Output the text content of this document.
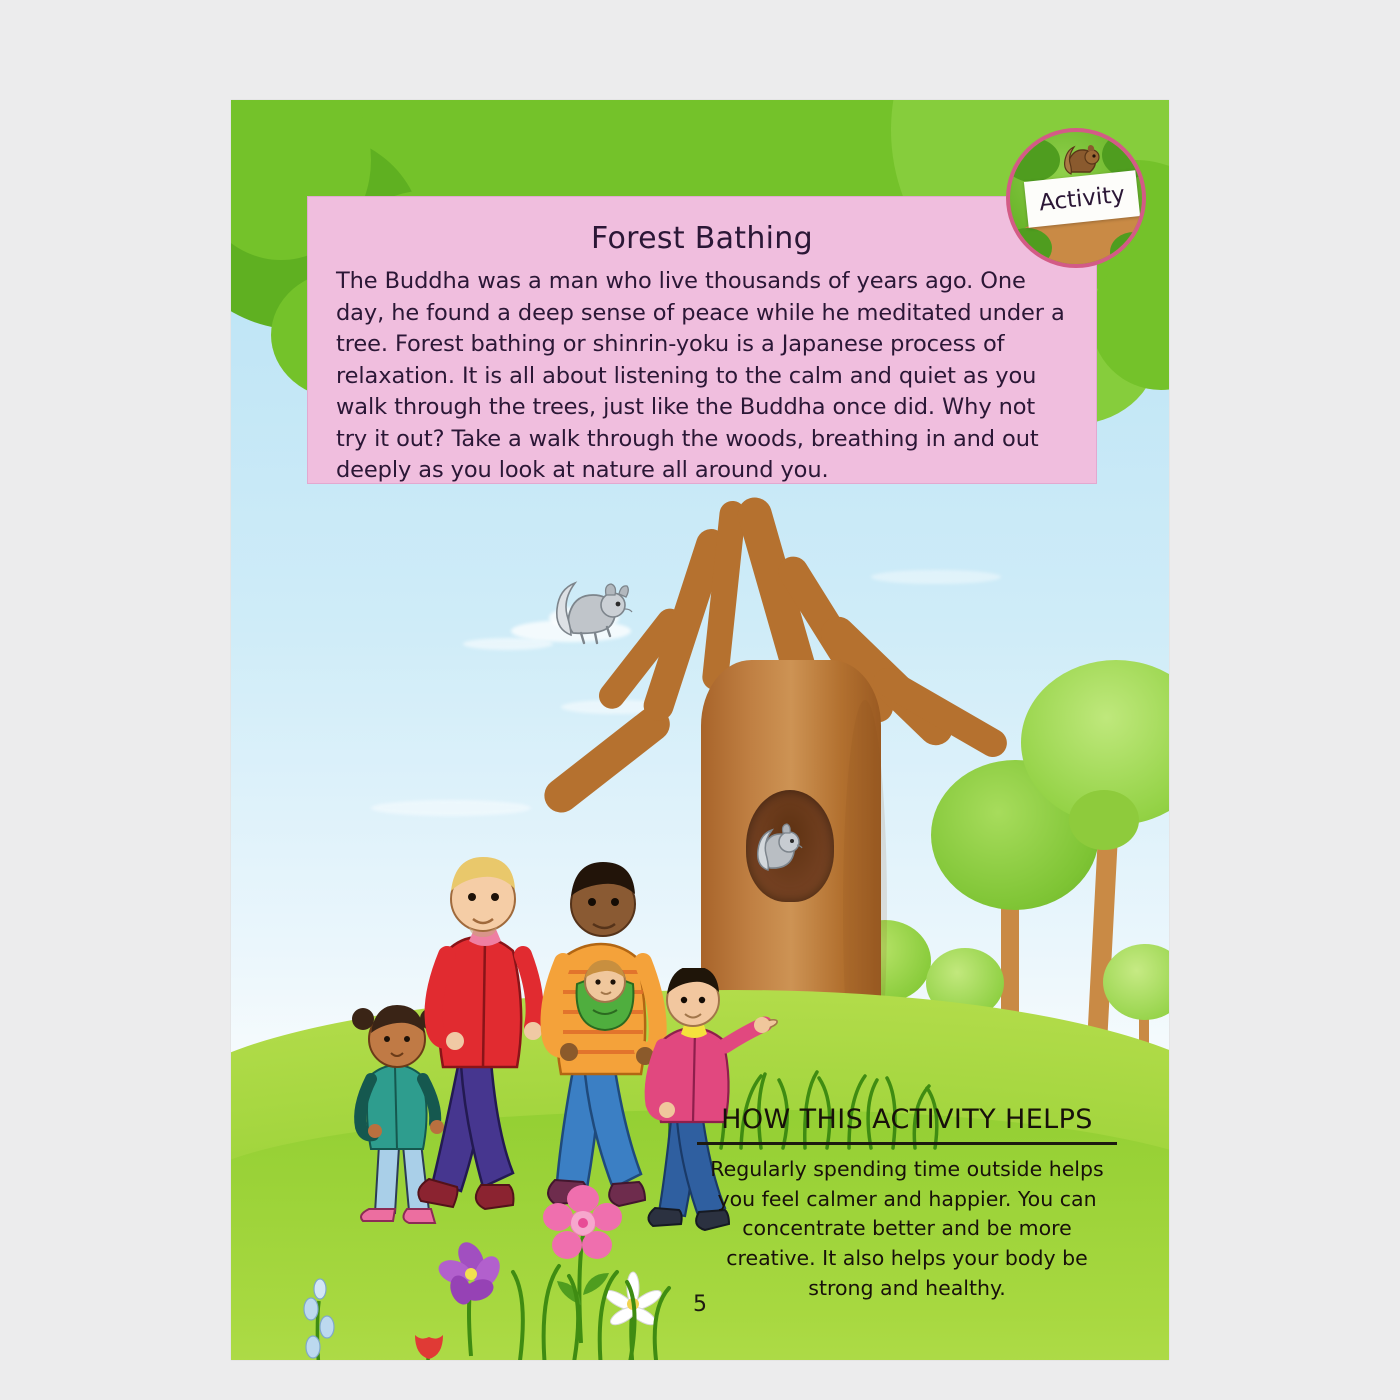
Forest Bathing

The Buddha was a man who live thousands of years ago. One day, he found a deep sense of peace while he meditated under a tree. Forest bathing or shinrin-yoku is a Japanese process of relaxation. It is all about listening to the calm and quiet as you walk through the trees, just like the Buddha once did. Why not try it out? Take a walk through the woods, breathing in and out deeply as you look at nature all around you.

Activity
HOW THIS ACTIVITY HELPS
Regularly spending time outside helps you feel calmer and happier. You can concentrate better and be more creative. It also helps your body be strong and healthy.
5
